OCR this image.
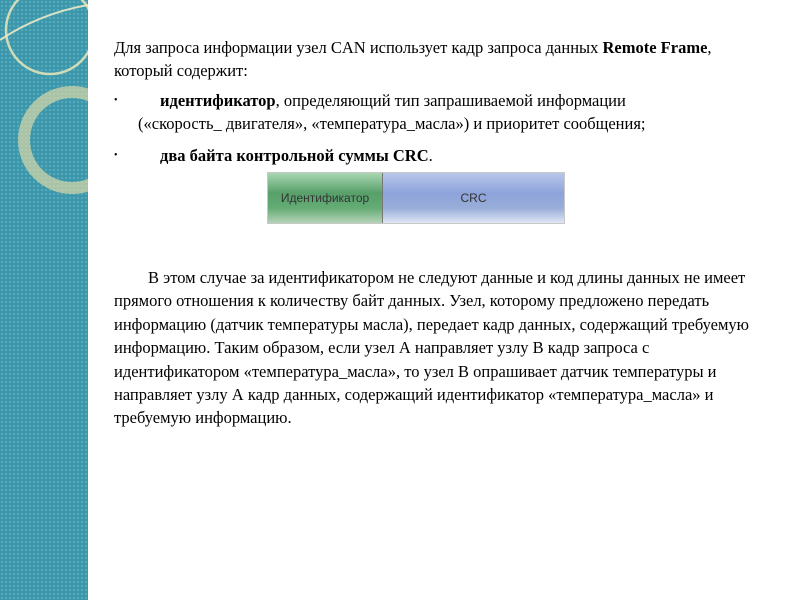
Для запроса информации узел CAN использует кадр запроса данных Remote Frame, который содержит:

•	идентификатор, определяющий тип запрашиваемой информации
(«скорость_ двигателя», «температура_масла») и приоритет сообщения;
•	два байта контрольной суммы CRC.
Идентификатор	CRC

В этом случае за идентификатором не следуют данные и код длины данных не имеет прямого отношения к количеству байт данных. Узел, которому предложено передать информацию (датчик температуры масла), передает кадр данных, содержащий требуемую информацию. Таким образом, если узел А направляет узлу В кадр запроса с идентификатором «температура_масла», то узел В опрашивает датчик температуры и направляет узлу А кадр данных, содержащий идентификатор «температура_масла» и требуемую информацию.
